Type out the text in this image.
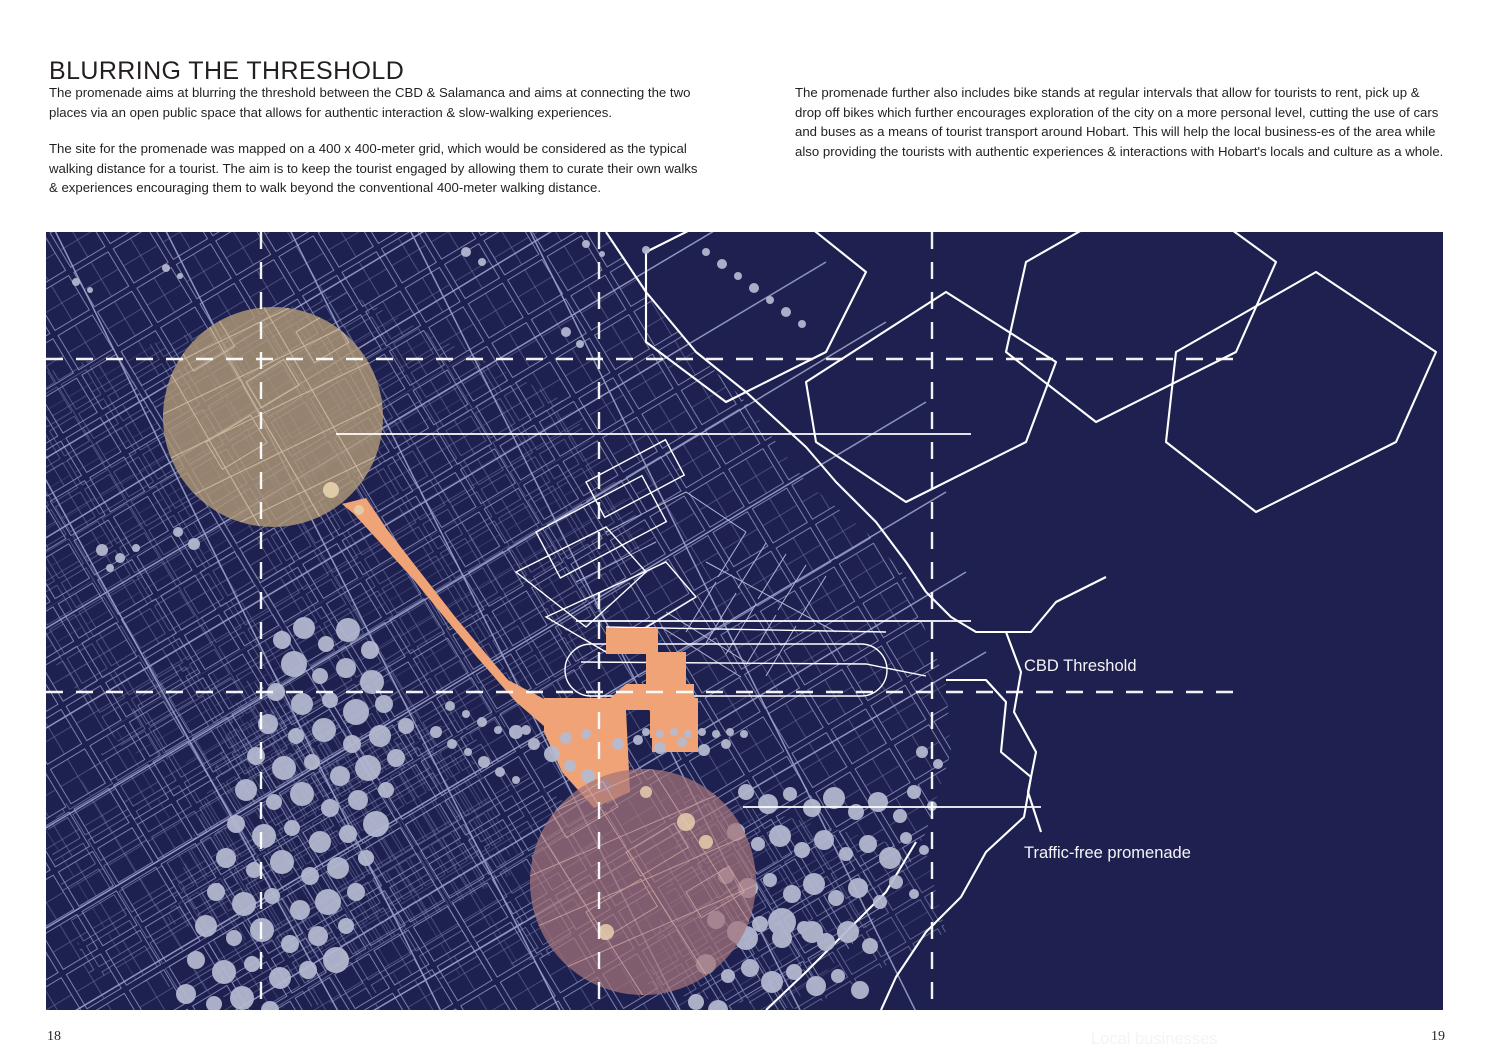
BLURRING THE THRESHOLD

The promenade aims at blurring the threshold between the CBD & Salamanca and aims at connecting the two places via an open public space that allows for authentic interaction & slow-walking experiences.

The site for the promenade was mapped on a 400 x 400-meter grid, which would be considered as the typical walking distance for a tourist. The aim is to keep the tourist engaged by allowing them to curate their own walks & experiences encouraging them to walk beyond the conventional 400-meter walking distance.

The promenade further also includes bike stands at regular intervals that allow for tourists to rent, pick up & drop off bikes which further encourages exploration of the city on a more personal level, cutting the use of cars and buses as a means of tourist transport around Hobart. This will help the local business-es of the area while also providing the tourists with authentic experiences & interactions with Hobart's locals and culture as a whole.

CBD Threshold
Traffic-free promenade
Local businesses
18	19
